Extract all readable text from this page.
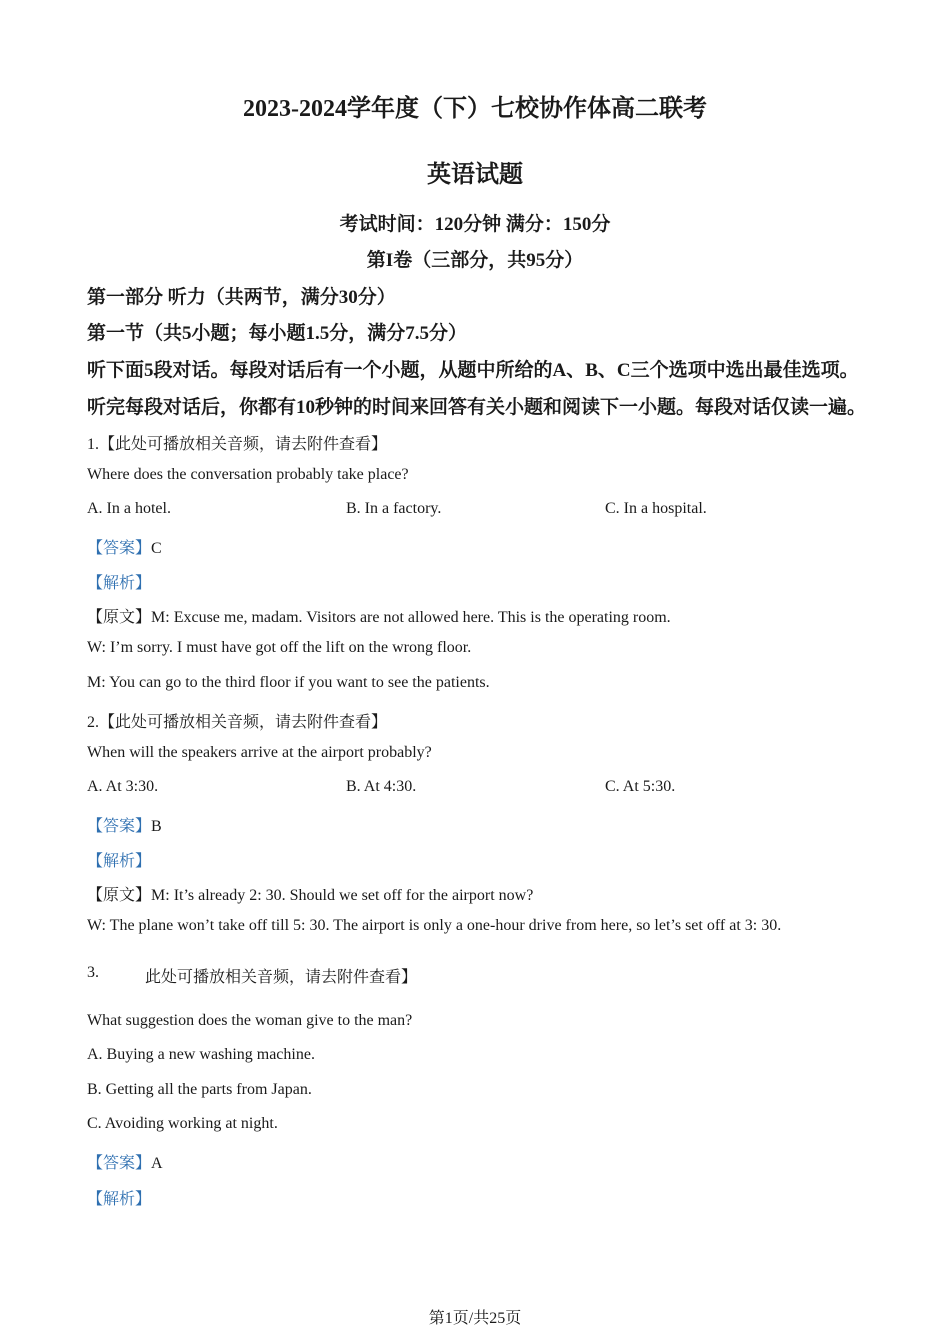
2023-2024学年度（下）七校协作体高二联考
英语试题
考试时间：120分钟 满分：150分
第I卷（三部分，共95分）
第一部分 听力（共两节，满分30分）
第一节（共5小题；每小题1.5分，满分7.5分）
听下面5段对话。每段对话后有一个小题，从题中所给的A、B、C三个选项中选出最佳选项。
听完每段对话后，你都有10秒钟的时间来回答有关小题和阅读下一小题。每段对话仅读一遍。
1.【此处可播放相关音频，请去附件查看】
Where does the conversation probably take place?
A. In a hotel.	B. In a factory.	C. In a hospital.
【答案】C
【解析】
【原文】M: Excuse me, madam. Visitors are not allowed here. This is the operating room.
W: I’m sorry. I must have got off the lift on the wrong floor.
M: You can go to the third floor if you want to see the patients.
2.【此处可播放相关音频，请去附件查看】
When will the speakers arrive at the airport probably?
A. At 3:30.	B. At 4:30.	C. At 5:30.
【答案】B
【解析】
【原文】M: It’s already 2: 30. Should we set off for the airport now?
W: The plane won’t take off till 5: 30. The airport is only a one-hour drive from here, so let’s set off at 3: 30.
3.	此处可播放相关音频，请去附件查看】
What suggestion does the woman give to the man?
A. Buying a new washing machine.
B. Getting all the parts from Japan.
C. Avoiding working at night.
【答案】A
【解析】
第1页/共25页
